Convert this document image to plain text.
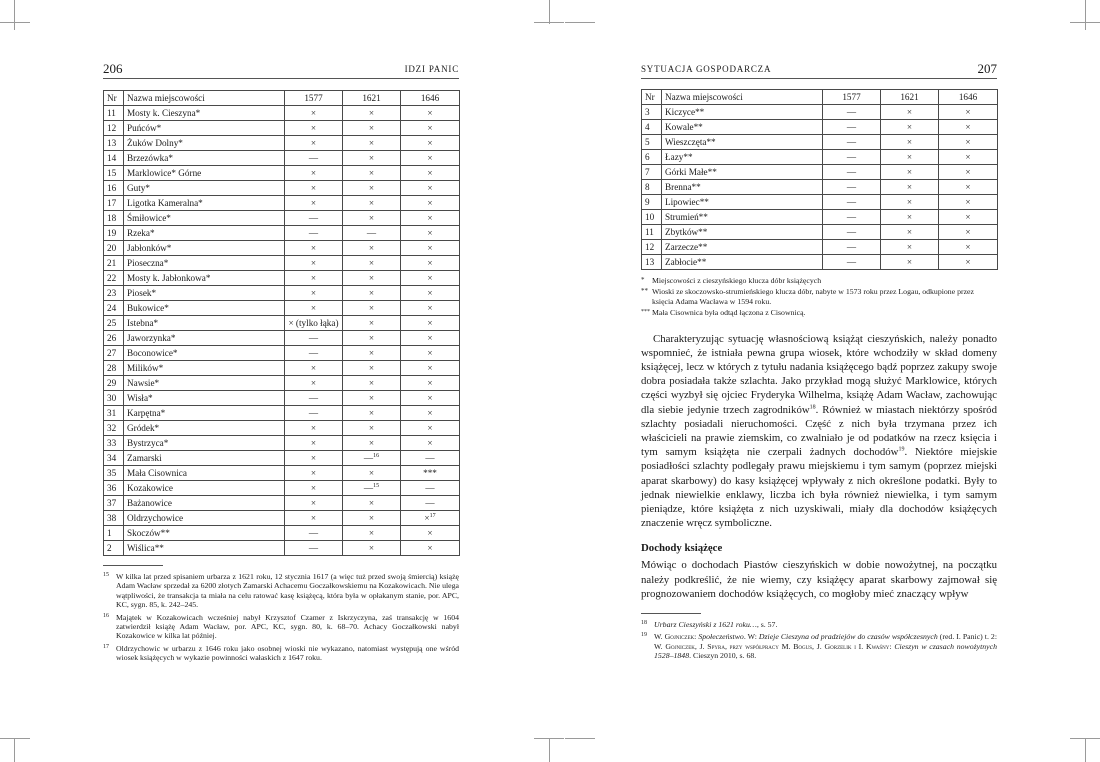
206	IDZI PANIC
Nr	Nazwa miejscowości	1577	1621	1646
11	Mosty k. Cieszyna*	×	×	×
12	Puńców*	×	×	×
13	Żuków Dolny*	×	×	×
14	Brzezówka*	—	×	×
15	Marklowice* Górne	×	×	×
16	Guty*	×	×	×
17	Ligotka Kameralna*	×	×	×
18	Śmiłowice*	—	×	×
19	Rzeka*	—	—	×
20	Jabłonków*	×	×	×
21	Pioseczna*	×	×	×
22	Mosty k. Jabłonkowa*	×	×	×
23	Piosek*	×	×	×
24	Bukowice*	×	×	×
25	Istebna*	× (tylko łąka)	×	×
26	Jaworzynka*	—	×	×
27	Boconowice*	—	×	×
28	Milików*	×	×	×
29	Nawsie*	×	×	×
30	Wisła*	—	×	×
31	Karpętna*	—	×	×
32	Gródek*	×	×	×
33	Bystrzyca*	×	×	×
34	Zamarski	×	—$^{16}$	—
35	Mała Cisownica	×	×	***
36	Kozakowice	×	—$^{15}$	—
37	Bażanowice	×	×	—
38	Oldrzychowice	×	×	×$^{17}$
1	Skoczów**	—	×	×
2	Wiślica**	—	×	×
15 W kilka lat przed spisaniem urbarza z 1621 roku, 12 stycznia 1617 (a więc tuż przed swoją śmiercią) książę Adam Wacław sprzedał za 6200 złotych Zamarski Achacemu Goczałkowskiemu na Kozakowicach. Nie ulega wątpliwości, że transakcja ta miała na celu ratować kasę książęcą, która była w opłakanym stanie, por. APC, KC, sygn. 85, k. 242–245.
16 Majątek w Kozakowicach wcześniej nabył Krzysztof Czamer z Iskrzyczyna, zaś transakcję w 1604 zatwierdził książę Adam Wacław, por. APC, KC, sygn. 80, k. 68–70. Achacy Goczałkowski nabył Kozakowice w kilka lat później.
17 Oldrzychowic w urbarzu z 1646 roku jako osobnej wioski nie wykazano, natomiast występują one wśród wiosek książęcych w wykazie powinności wałaskich z 1647 roku.
SYTUACJA GOSPODARCZA	207
Nr	Nazwa miejscowości	1577	1621	1646
3	Kiczyce**	—	×	×
4	Kowale**	—	×	×
5	Wieszczęta**	—	×	×
6	Łazy**	—	×	×
7	Górki Małe**	—	×	×
8	Brenna**	—	×	×
9	Lipowiec**	—	×	×
10	Strumień**	—	×	×
11	Zbytków**	—	×	×
12	Zarzecze**	—	×	×
13	Zabłocie**	—	×	×
* Miejscowości z cieszyńskiego klucza dóbr książęcych
** Wioski ze skoczowsko-strumieńskiego klucza dóbr, nabyte w 1573 roku przez Logau, odkupione przez księcia Adama Wacława w 1594 roku.
*** Mała Cisownica była odtąd łączona z Cisownicą.

Charakteryzując sytuację własnościową książąt cieszyńskich, należy ponadto wspomnieć, że istniała pewna grupa wiosek, które wchodziły w skład domeny książęcej, lecz w których z tytułu nadania książęcego bądź poprzez zakupy swoje dobra posiadała także szlachta. Jako przykład mogą służyć Marklowice, których części wyzbył się ojciec Fryderyka Wilhelma, książę Adam Wacław, zachowując dla siebie jedynie trzech zagrodników$^{18}$. Również w miastach niektórzy spośród szlachty posiadali nieruchomości. Część z nich była trzymana przez ich właścicieli na prawie ziemskim, co zwalniało je od podatków na rzecz księcia i tym samym książęta nie czerpali żadnych dochodów$^{19}$. Niektóre miejskie posiadłości szlachty podlegały prawu miejskiemu i tym samym (poprzez miejski aparat skarbowy) do kasy książęcej wpływały z nich określone podatki. Były to jednak niewielkie enklawy, liczba ich była również niewielka, i tym samym pieniądze, które książęta z nich uzyskiwali, miały dla dochodów książęcych znaczenie wręcz symboliczne.

Dochody książęce

Mówiąc o dochodach Piastów cieszyńskich w dobie nowożytnej, na początku należy podkreślić, że nie wiemy, czy książęcy aparat skarbowy zajmował się prognozowaniem dochodów książęcych, co mogłoby mieć znaczący wpływ

18 Urbarz Cieszyński z 1621 roku…, s. 57.
19 W. Gojniczek: Społeczeństwo. W: Dzieje Cieszyna od pradziejów do czasów współczesnych (red. I. Panic) t. 2: W. Gojniczek, J. Spyra, przy współpracy M. Bogus, J. Gorzelik i I. Kwaśny: Cieszyn w czasach nowożytnych 1528–1848. Cieszyn 2010, s. 68.
